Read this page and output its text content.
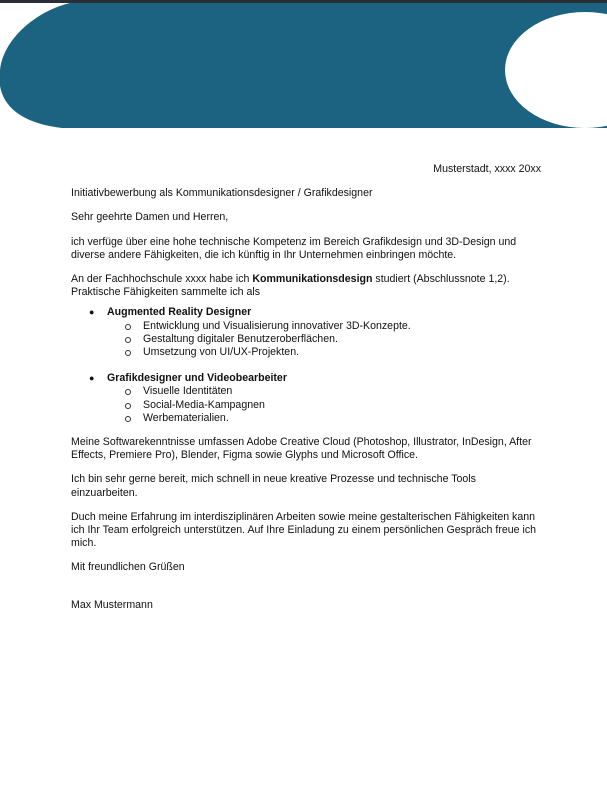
Musterstadt, xxxx 20xx

Initiativbewerbung als Kommunikationsdesigner / Grafikdesigner

Sehr geehrte Damen und Herren,

ich verfüge über eine hohe technische Kompetenz im Bereich Grafikdesign und 3D-Design und diverse andere Fähigkeiten, die ich künftig in Ihr Unternehmen einbringen möchte.

An der Fachhochschule xxxx habe ich Kommunikationsdesign studiert (Abschlussnote 1,2). Praktische Fähigkeiten sammelte ich als

● Augmented Reality Designer
Entwicklung und Visualisierung innovativer 3D-Konzepte.
Gestaltung digitaler Benutzeroberflächen.
Umsetzung von UI/UX-Projekten.
● Grafikdesigner und Videobearbeiter
Visuelle Identitäten
Social-Media-Kampagnen
Werbematerialien.

Meine Softwarekenntnisse umfassen Adobe Creative Cloud (Photoshop, Illustrator, InDesign, After Effects, Premiere Pro), Blender, Figma sowie Glyphs und Microsoft Office.

Ich bin sehr gerne bereit, mich schnell in neue kreative Prozesse und technische Tools einzuarbeiten.

Duch meine Erfahrung im interdisziplinären Arbeiten sowie meine gestalterischen Fähigkeiten kann ich Ihr Team erfolgreich unterstützen. Auf Ihre Einladung zu einem persönlichen Gespräch freue ich mich.

Mit freundlichen Grüßen

Max Mustermann
